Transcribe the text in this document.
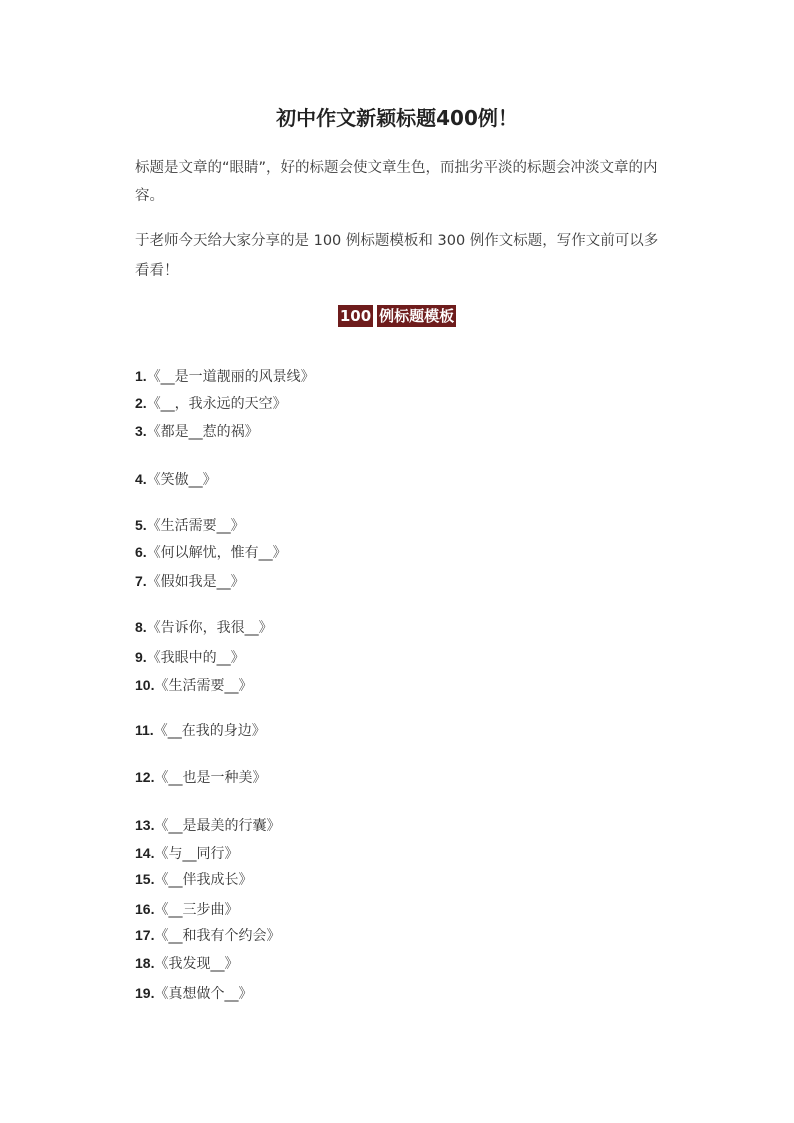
初中作文新颖标题400例！

标题是文章的“眼睛”，好的标题会使文章生色，而拙劣平淡的标题会冲淡文章的内容。

于老师今天给大家分享的是 100 例标题模板和 300 例作文标题，写作文前可以多看看！

100 例标题模板
1.《__是一道靓丽的风景线》
2.《__，我永远的天空》
3.《都是__惹的祸》
4.《笑傲__》
5.《生活需要__》
6.《何以解忧，惟有__》
7.《假如我是__》
8.《告诉你，我很__》
9.《我眼中的__》
10.《生活需要__》
11.《__在我的身边》
12.《__也是一种美》
13.《__是最美的行囊》
14.《与__同行》
15.《__伴我成长》
16.《__三步曲》
17.《__和我有个约会》
18.《我发现__》
19.《真想做个__》
